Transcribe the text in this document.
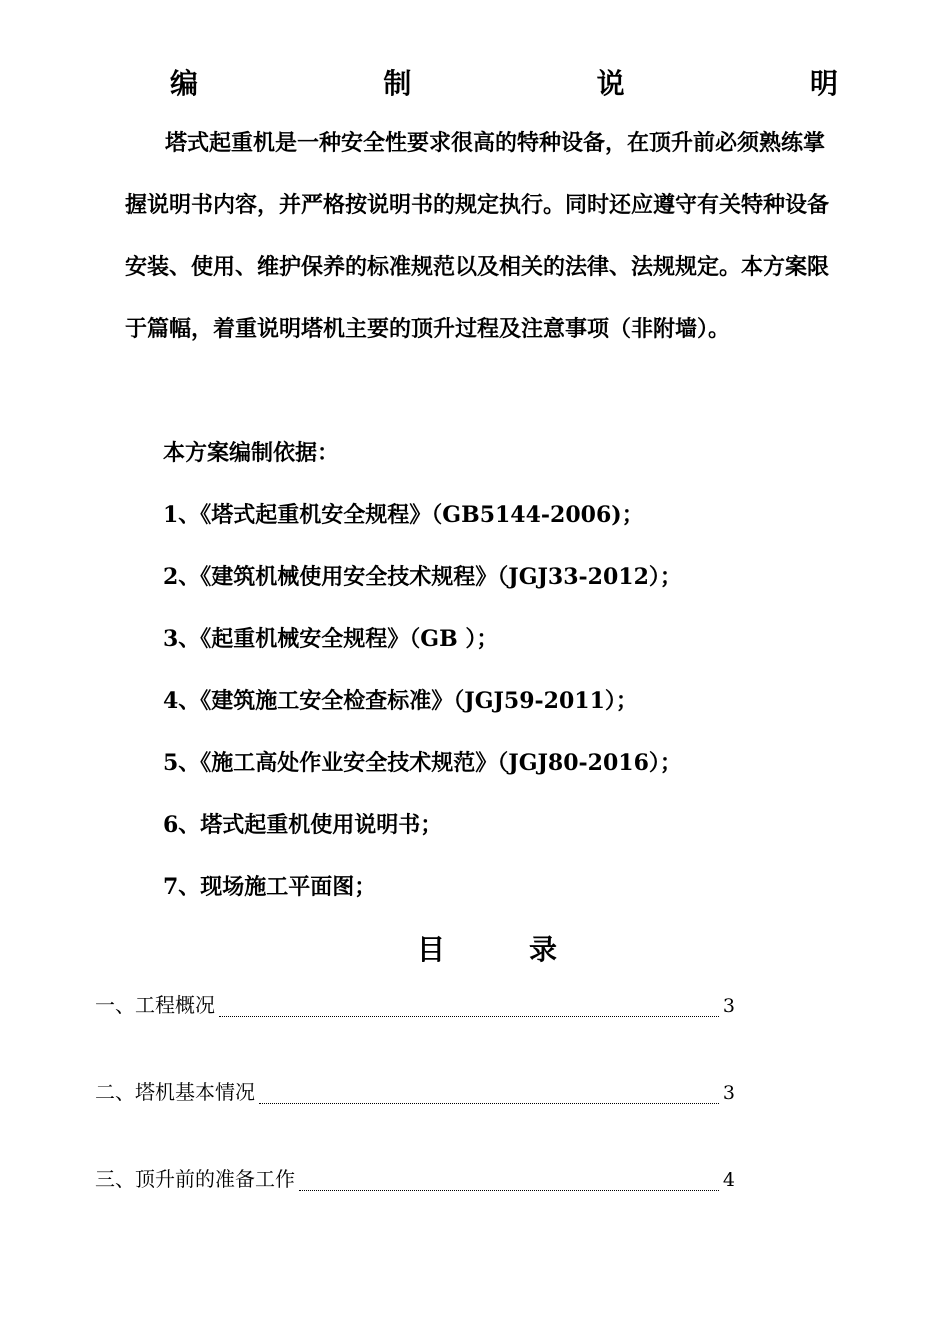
编	制	说	明

塔式起重机是一种安全性要求很高的特种设备，在顶升前必须熟练掌握说明书内容，并严格按说明书的规定执行。同时还应遵守有关特种设备安装、使用、维护保养的标准规范以及相关的法律、法规规定。本方案限于篇幅，着重说明塔机主要的顶升过程及注意事项（非附墙）。

本方案编制依据：
1、《塔式起重机安全规程》（GB5144-2006)；
2、《建筑机械使用安全技术规程》（JGJ33-2012）；
3、《起重机械安全规程》（GB ）；
4、《建筑施工安全检查标准》（JGJ59-2011）；
5、《施工高处作业安全技术规范》（JGJ80-2016）；
6、塔式起重机使用说明书；
7、现场施工平面图；
目	录
一、工程概况	3
二、塔机基本情况	3
三、顶升前的准备工作	4
